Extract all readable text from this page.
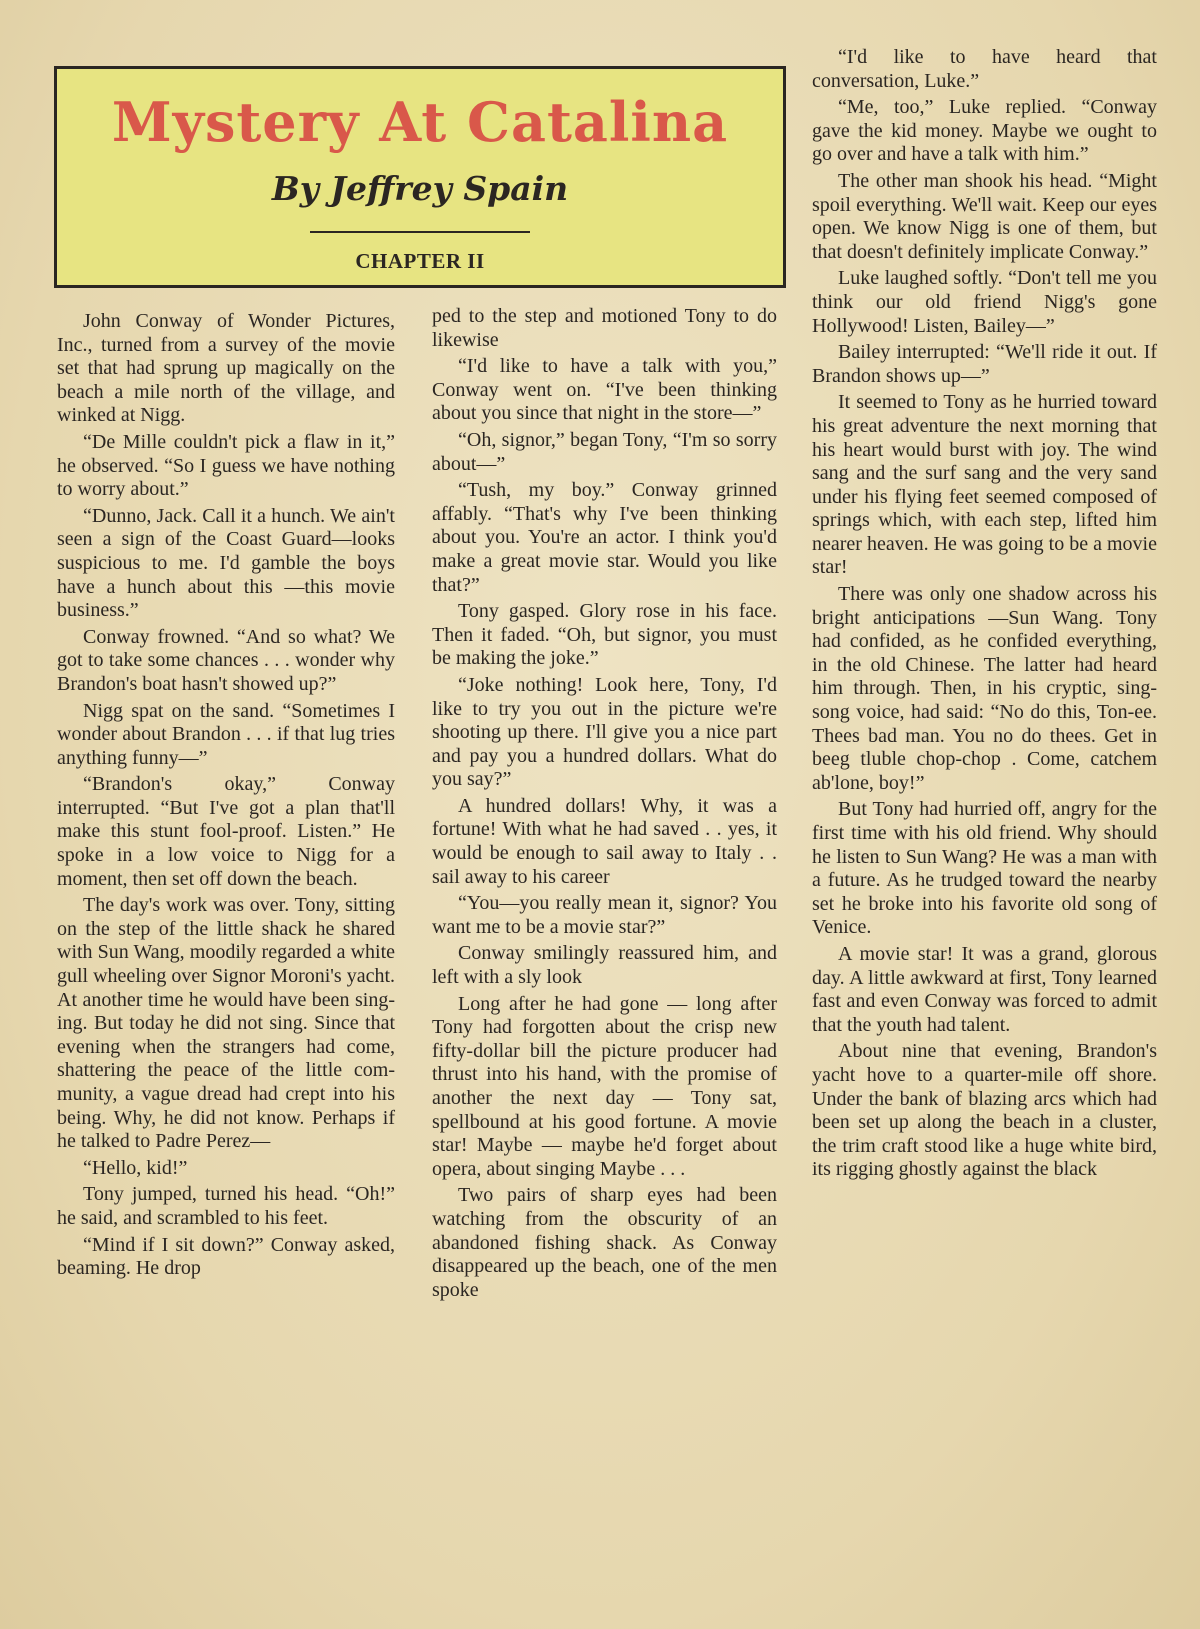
Mystery At Catalina
By Jeffrey Spain
CHAPTER II

John Conway of Wonder Pictures, Inc., turned from a survey of the movie set that had sprung up magically on the beach a mile north of the village, and winked at Nigg.

“De Mille couldn't pick a flaw in it,” he observed. “So I guess we have nothing to worry about.”

“Dunno, Jack. Call it a hunch. We ain't seen a sign of the Coast Guard—looks suspicious to me. I'd gamble the boys have a hunch about this —this movie business.”

Conway frowned. “And so what? We got to take some chances . . . wonder why Brandon's boat hasn't showed up?”

Nigg spat on the sand. “Sometimes I wonder about Brandon . . . if that lug tries anything funny—”

“Brandon's okay,” Conway interrupted. “But I've got a plan that'll make this stunt fool-proof. Listen.” He spoke in a low voice to Nigg for a moment, then set off down the beach.

The day's work was over. Tony, sitting on the step of the little shack he shared with Sun Wang, moodily regarded a white gull wheeling over Signor Moroni's yacht. At another time he would have been singing. But today he did not sing. Since that evening when the strangers had come, shattering the peace of the little community, a vague dread had crept into his being. Why, he did not know. Perhaps if he talked to Padre Perez—

“Hello, kid!”

Tony jumped, turned his head. “Oh!” he said, and scrambled to his feet.

“Mind if I sit down?” Conway asked, beaming. He drop

ped to the step and motioned Tony to do likewise

“I'd like to have a talk with you,” Conway went on. “I've been thinking about you since that night in the store—”

“Oh, signor,” began Tony, “I'm so sorry about—”

“Tush, my boy.” Conway grinned affably. “That's why I've been thinking about you. You're an actor. I think you'd make a great movie star. Would you like that?”

Tony gasped. Glory rose in his face. Then it faded. “Oh, but signor, you must be making the joke.”

“Joke nothing! Look here, Tony, I'd like to try you out in the picture we're shooting up there. I'll give you a nice part and pay you a hundred dollars. What do you say?”

A hundred dollars! Why, it was a fortune! With what he had saved . . yes, it would be enough to sail away to Italy . . sail away to his career

“You—you really mean it, signor? You want me to be a movie star?”

Conway smilingly reassured him, and left with a sly look

Long after he had gone — long after Tony had forgotten about the crisp new fifty-dollar bill the picture producer had thrust into his hand, with the promise of another the next day — Tony sat, spellbound at his good fortune. A movie star! Maybe — maybe he'd forget about opera, about singing Maybe . . .

Two pairs of sharp eyes had been watching from the obscurity of an abandoned fishing shack. As Conway disappeared up the beach, one of the men spoke

“I'd like to have heard that conversation, Luke.”

“Me, too,” Luke replied. “Conway gave the kid money. Maybe we ought to go over and have a talk with him.”

The other man shook his head. “Might spoil everything. We'll wait. Keep our eyes open. We know Nigg is one of them, but that doesn't definitely implicate Conway.”

Luke laughed softly. “Don't tell me you think our old friend Nigg's gone Hollywood! Listen, Bailey—”

Bailey interrupted: “We'll ride it out. If Brandon shows up—”

It seemed to Tony as he hurried toward his great adventure the next morning that his heart would burst with joy. The wind sang and the surf sang and the very sand under his flying feet seemed composed of springs which, with each step, lifted him nearer heaven. He was going to be a movie star!

There was only one shadow across his bright anticipations —Sun Wang. Tony had confided, as he confided everything, in the old Chinese. The latter had heard him through. Then, in his cryptic, sing-song voice, had said: “No do this, Ton-ee. Thees bad man. You no do thees. Get in beeg tluble chop-chop . Come, catchem ab'lone, boy!”

But Tony had hurried off, angry for the first time with his old friend. Why should he listen to Sun Wang? He was a man with a future. As he trudged toward the nearby set he broke into his favorite old song of Venice.

A movie star! It was a grand, glorous day. A little awkward at first, Tony learned fast and even Conway was forced to admit that the youth had talent.

About nine that evening, Brandon's yacht hove to a quarter-mile off shore. Under the bank of blazing arcs which had been set up along the beach in a cluster, the trim craft stood like a huge white bird, its rigging ghostly against the black
